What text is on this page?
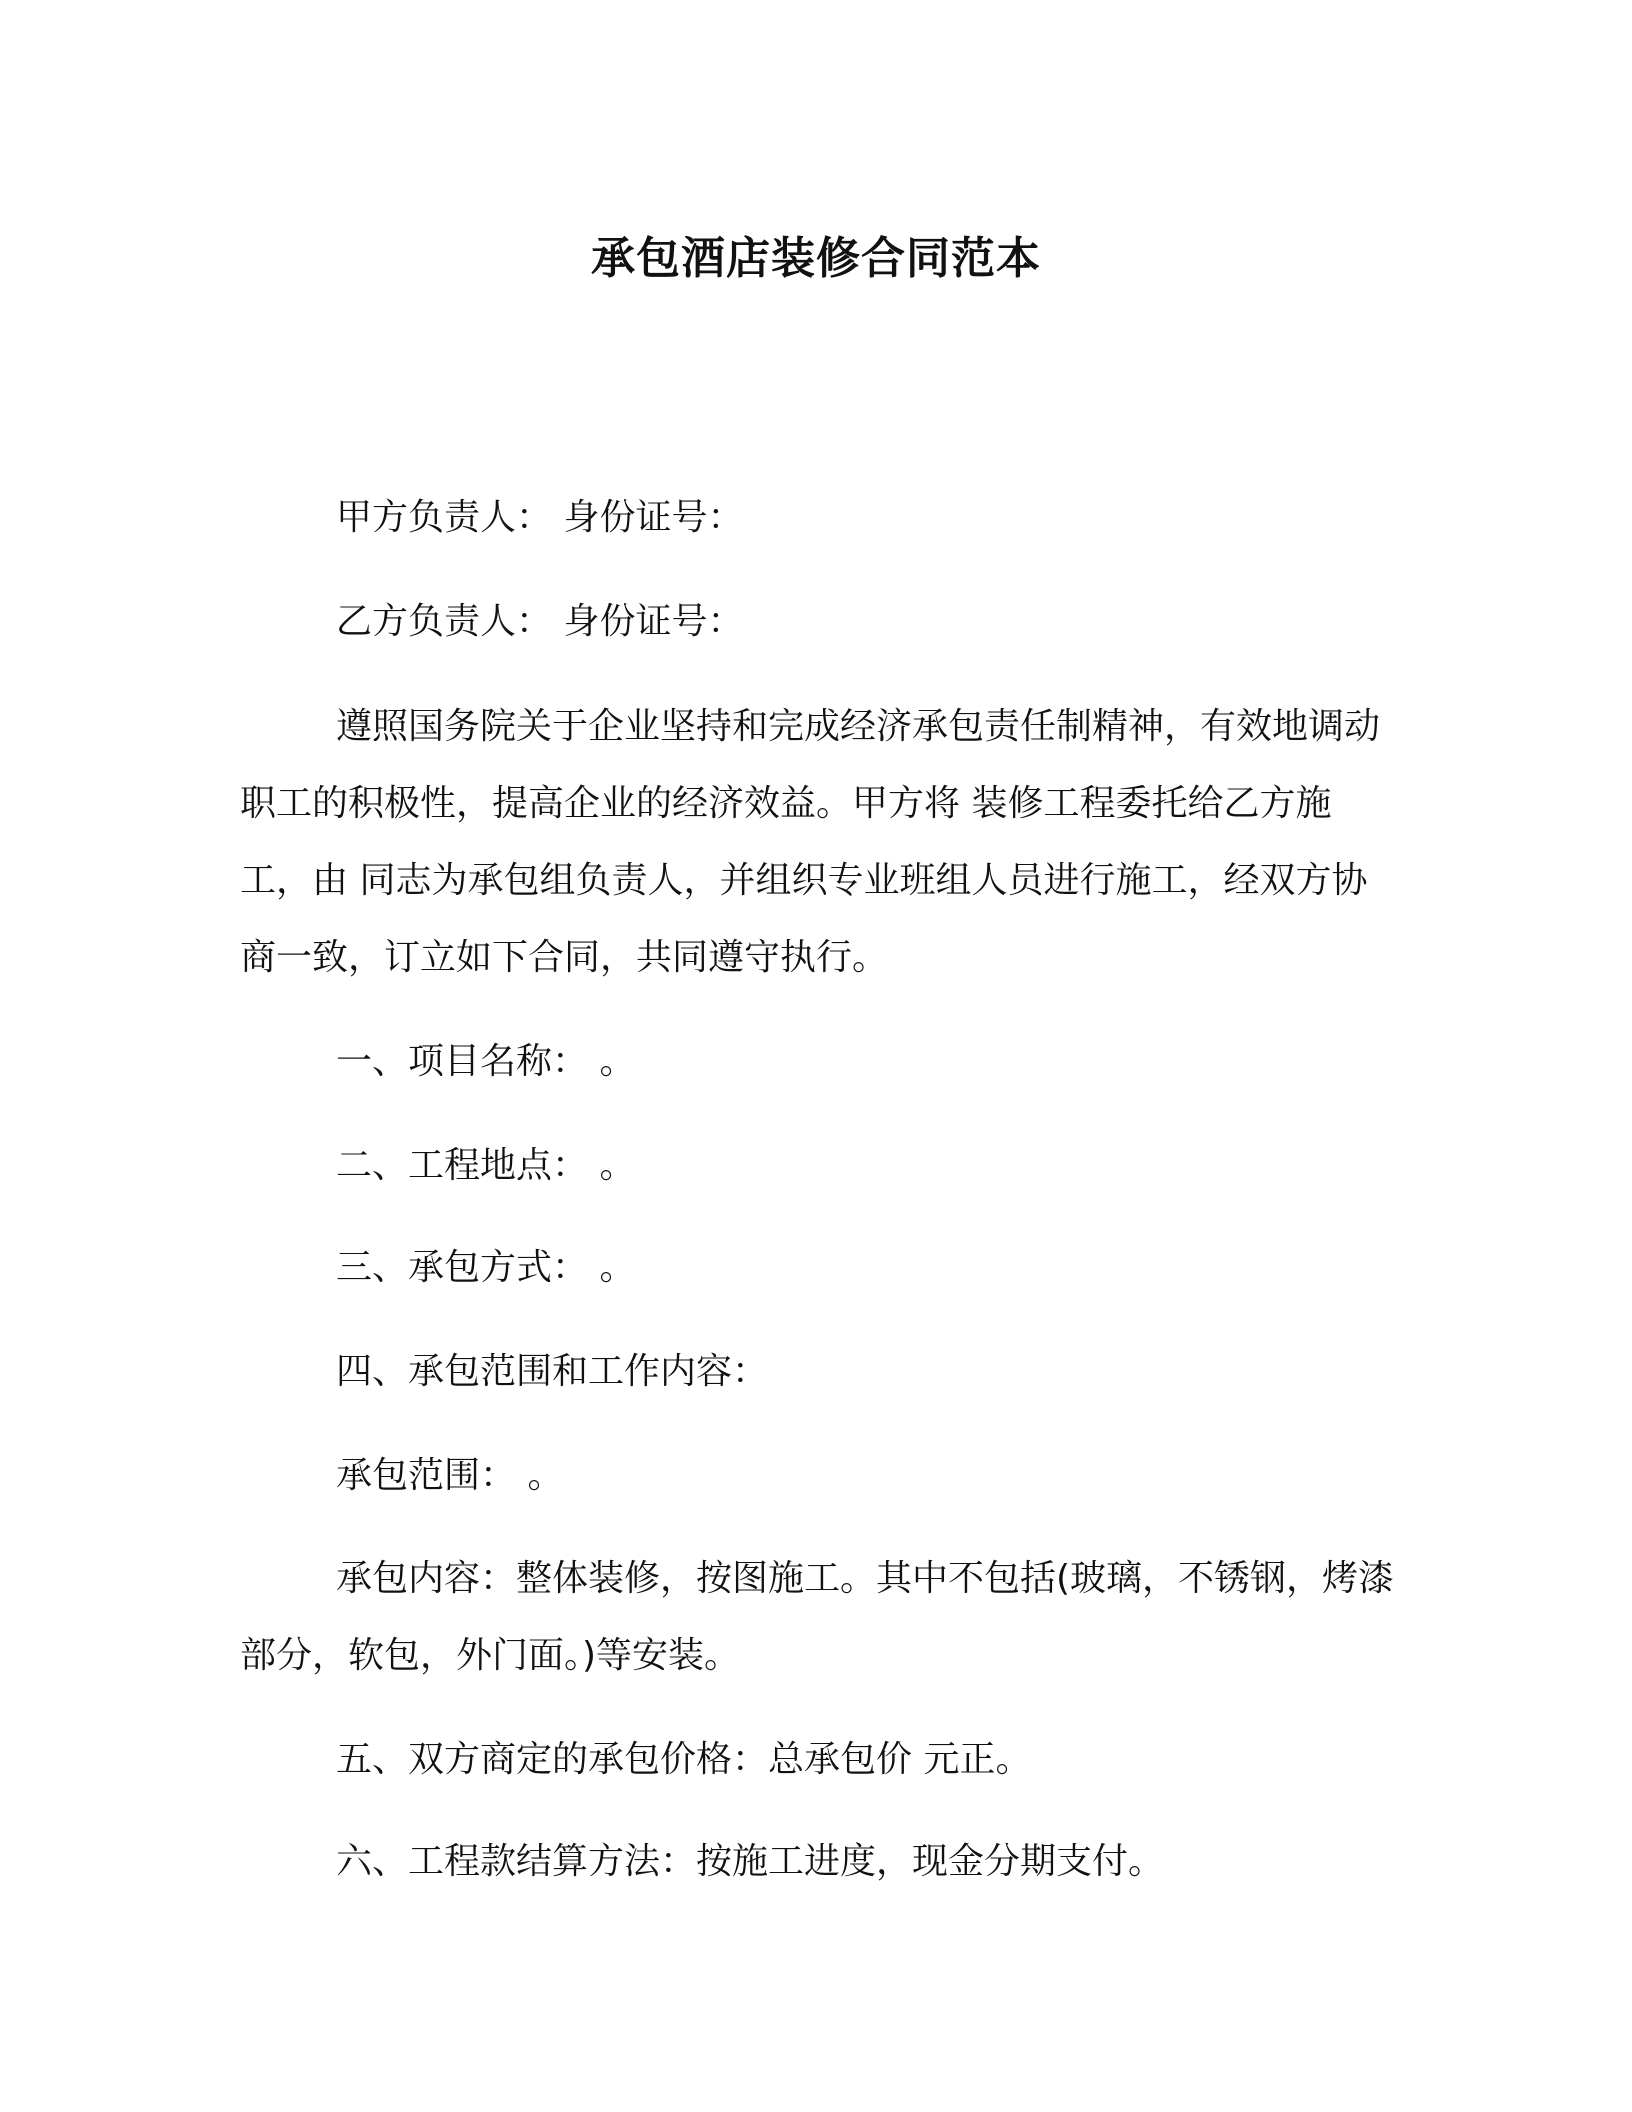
承包酒店装修合同范本

甲方负责人： 身份证号：

乙方负责人： 身份证号：

遵照国务院关于企业坚持和完成经济承包责任制精神，有效地调动职工的积极性，提高企业的经济效益。甲方将 装修工程委托给乙方施工，由 同志为承包组负责人，并组织专业班组人员进行施工，经双方协商一致，订立如下合同，共同遵守执行。

一、项目名称： 。

二、工程地点： 。

三、承包方式： 。

四、承包范围和工作内容：

承包范围： 。

承包内容：整体装修，按图施工。其中不包括(玻璃，不锈钢，烤漆部分，软包，外门面。)等安装。

五、双方商定的承包价格：总承包价 元正。

六、工程款结算方法：按施工进度，现金分期支付。
